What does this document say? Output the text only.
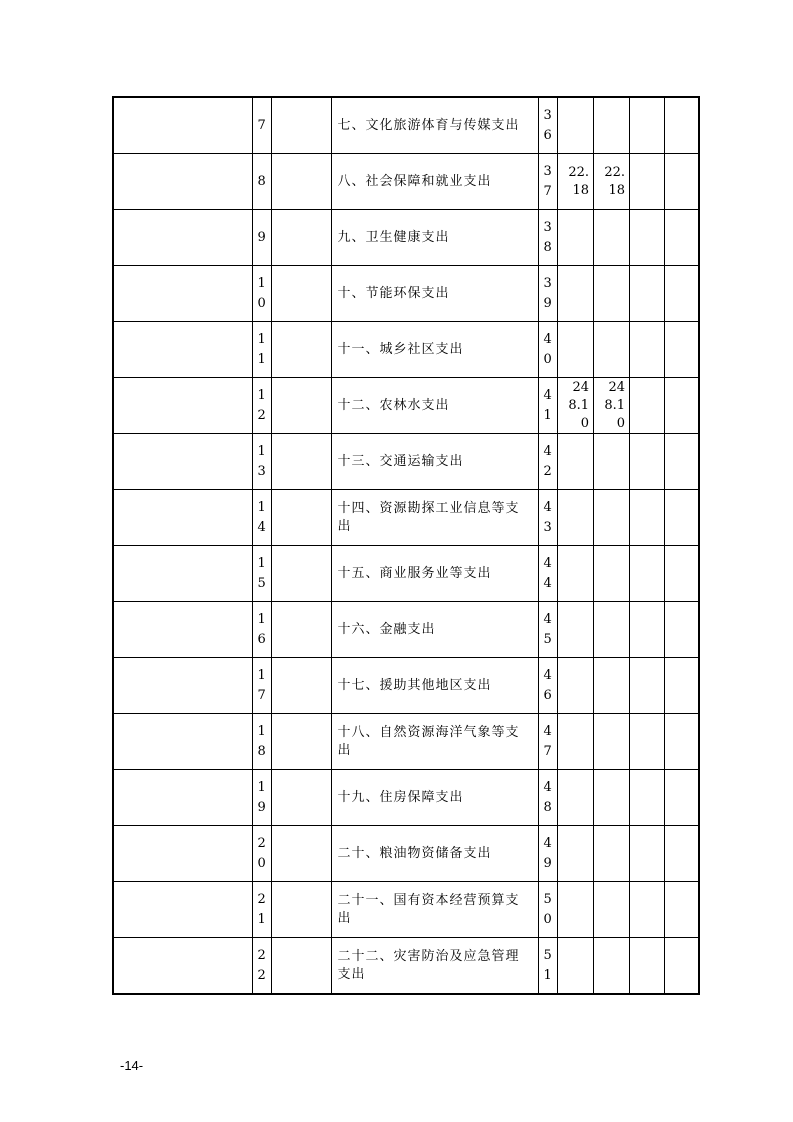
	7		七、文化旅游体育与传媒支出	36				

	8		八、社会保障和就业支出	37	22.18	22.18		

	9		九、卫生健康支出	38				

	10		十、节能环保支出	39				

	11		十一、城乡社区支出	40				

	12		十二、农林水支出	41	248.10	248.10		

	13		十三、交通运输支出	42				

	14		十四、资源勘探工业信息等支出	43				

	15		十五、商业服务业等支出	44				

	16		十六、金融支出	45				

	17		十七、援助其他地区支出	46				

	18		十八、自然资源海洋气象等支出	47				

	19		十九、住房保障支出	48				

	20		二十、粮油物资储备支出	49				

	21		二十一、国有资本经营预算支出	50				

	22		二十二、灾害防治及应急管理支出	51				

-14-
